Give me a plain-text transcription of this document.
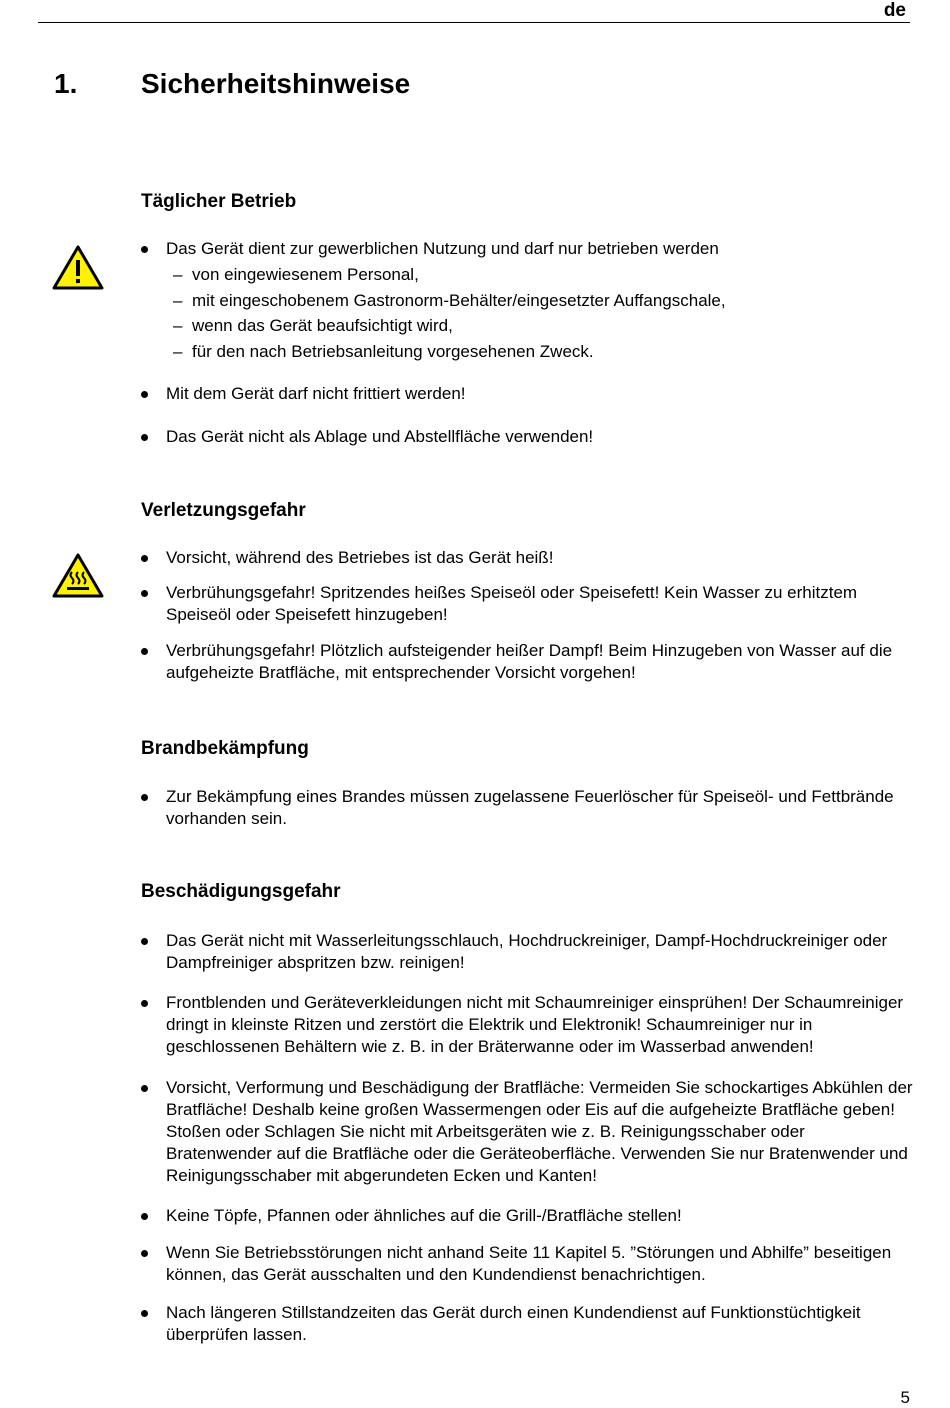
de
1. Sicherheitshinweise
Täglicher Betrieb
Das Gerät dient zur gewerblichen Nutzung und darf nur betrieben werden
– von eingewiesenem Personal,
– mit eingeschobenem Gastronorm-Behälter/eingesetzter Auffangschale,
– wenn das Gerät beaufsichtigt wird,
– für den nach Betriebsanleitung vorgesehenen Zweck.
Mit dem Gerät darf nicht frittiert werden!
Das Gerät nicht als Ablage und Abstellfläche verwenden!
Verletzungsgefahr
Vorsicht, während des Betriebes ist das Gerät heiß!
Verbrühungsgefahr! Spritzendes heißes Speiseöl oder Speisefett! Kein Wasser zu erhitztem Speiseöl oder Speisefett hinzugeben!
Verbrühungsgefahr! Plötzlich aufsteigender heißer Dampf! Beim Hinzugeben von Wasser auf die aufgeheizte Bratfläche, mit entsprechender Vorsicht vorgehen!
Brandbekämpfung
Zur Bekämpfung eines Brandes müssen zugelassene Feuerlöscher für Speiseöl- und Fettbrände vorhanden sein.
Beschädigungsgefahr
Das Gerät nicht mit Wasserleitungsschlauch, Hochdruckreiniger, Dampf-Hochdruckreiniger oder Dampfreiniger abspritzen bzw. reinigen!
Frontblenden und Geräteverkleidungen nicht mit Schaumreiniger einsprühen! Der Schaumreiniger dringt in kleinste Ritzen und zerstört die Elektrik und Elektronik! Schaumreiniger nur in geschlossenen Behältern wie z. B. in der Bräterwanne oder im Wasserbad anwenden!
Vorsicht, Verformung und Beschädigung der Bratfläche: Vermeiden Sie schockartiges Abkühlen der Bratfläche! Deshalb keine großen Wassermengen oder Eis auf die aufgeheizte Bratfläche geben! Stoßen oder Schlagen Sie nicht mit Arbeitsgeräten wie z. B. Reinigungsschaber oder Bratenwender auf die Bratfläche oder die Geräteoberfläche. Verwenden Sie nur Bratenwender und Reinigungsschaber mit abgerundeten Ecken und Kanten!
Keine Töpfe, Pfannen oder ähnliches auf die Grill-/Bratfläche stellen!
Wenn Sie Betriebsstörungen nicht anhand Seite 11 Kapitel 5. ”Störungen und Abhilfe” beseitigen können, das Gerät ausschalten und den Kundendienst benachrichtigen.
Nach längeren Stillstandzeiten das Gerät durch einen Kundendienst auf Funktionstüchtigkeit überprüfen lassen.
5
